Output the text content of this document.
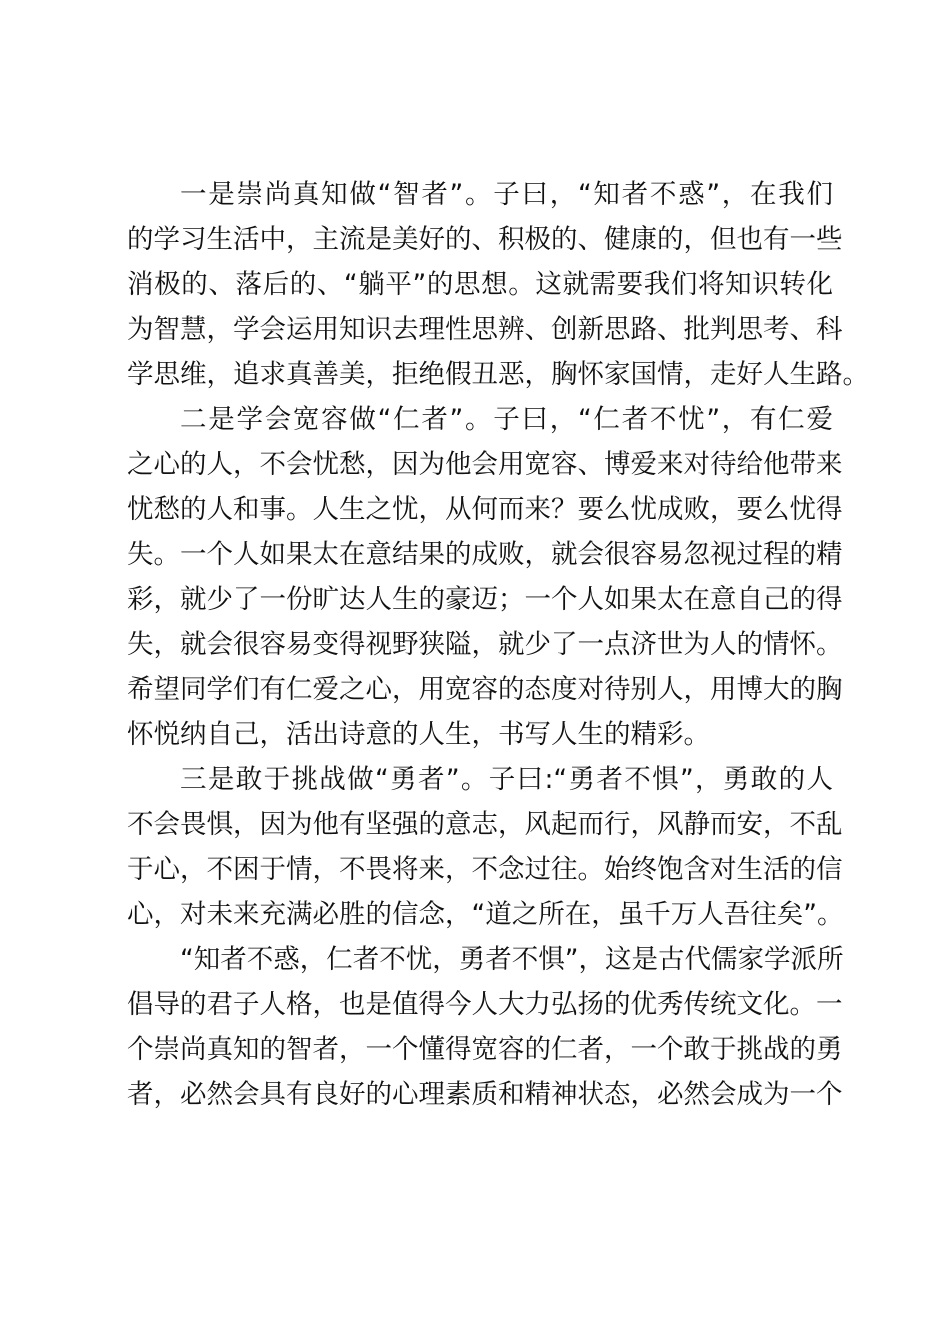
一是崇尚真知做“智者”。子曰，“知者不惑”，在我们
的学习生活中，主流是美好的、积极的、健康的，但也有一些
消极的、落后的、“躺平”的思想。这就需要我们将知识转化
为智慧，学会运用知识去理性思辨、创新思路、批判思考、科
学思维，追求真善美，拒绝假丑恶，胸怀家国情，走好人生路。
二是学会宽容做“仁者”。子曰，“仁者不忧”，有仁爱
之心的人，不会忧愁，因为他会用宽容、博爱来对待给他带来
忧愁的人和事。人生之忧，从何而来？要么忧成败，要么忧得
失。一个人如果太在意结果的成败，就会很容易忽视过程的精
彩，就少了一份旷达人生的豪迈；一个人如果太在意自己的得
失，就会很容易变得视野狭隘，就少了一点济世为人的情怀。
希望同学们有仁爱之心，用宽容的态度对待别人，用博大的胸
怀悦纳自己，活出诗意的人生，书写人生的精彩。
三是敢于挑战做“勇者”。子曰:“勇者不惧”，勇敢的人
不会畏惧，因为他有坚强的意志，风起而行，风静而安，不乱
于心，不困于情，不畏将来，不念过往。始终饱含对生活的信
心，对未来充满必胜的信念，“道之所在，虽千万人吾往矣”。
“知者不惑，仁者不忧，勇者不惧”，这是古代儒家学派所
倡导的君子人格，也是值得今人大力弘扬的优秀传统文化。一
个崇尚真知的智者，一个懂得宽容的仁者，一个敢于挑战的勇
者，必然会具有良好的心理素质和精神状态，必然会成为一个
